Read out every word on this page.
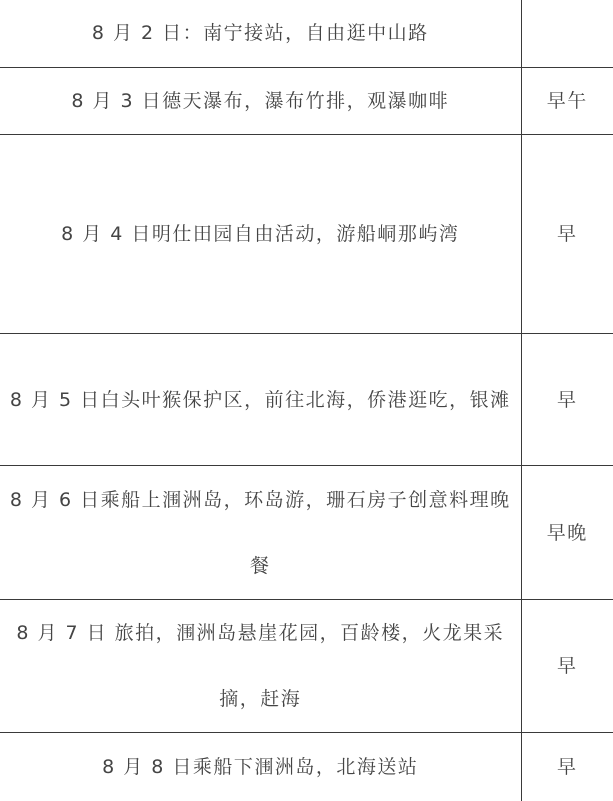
8 月 2 日：南宁接站，自由逛中山路	
8 月 3 日德天瀑布，瀑布竹排，观瀑咖啡	早午
8 月 4 日明仕田园自由活动，游船峒那屿湾	早
8 月 5 日白头叶猴保护区，前往北海，侨港逛吃，银滩	早
8 月 6 日乘船上涠洲岛，环岛游，珊石房子创意料理晚餐	早晚
8 月 7 日 旅拍，涠洲岛悬崖花园，百龄楼，火龙果采摘，赶海	早
8 月 8 日乘船下涠洲岛，北海送站	早
